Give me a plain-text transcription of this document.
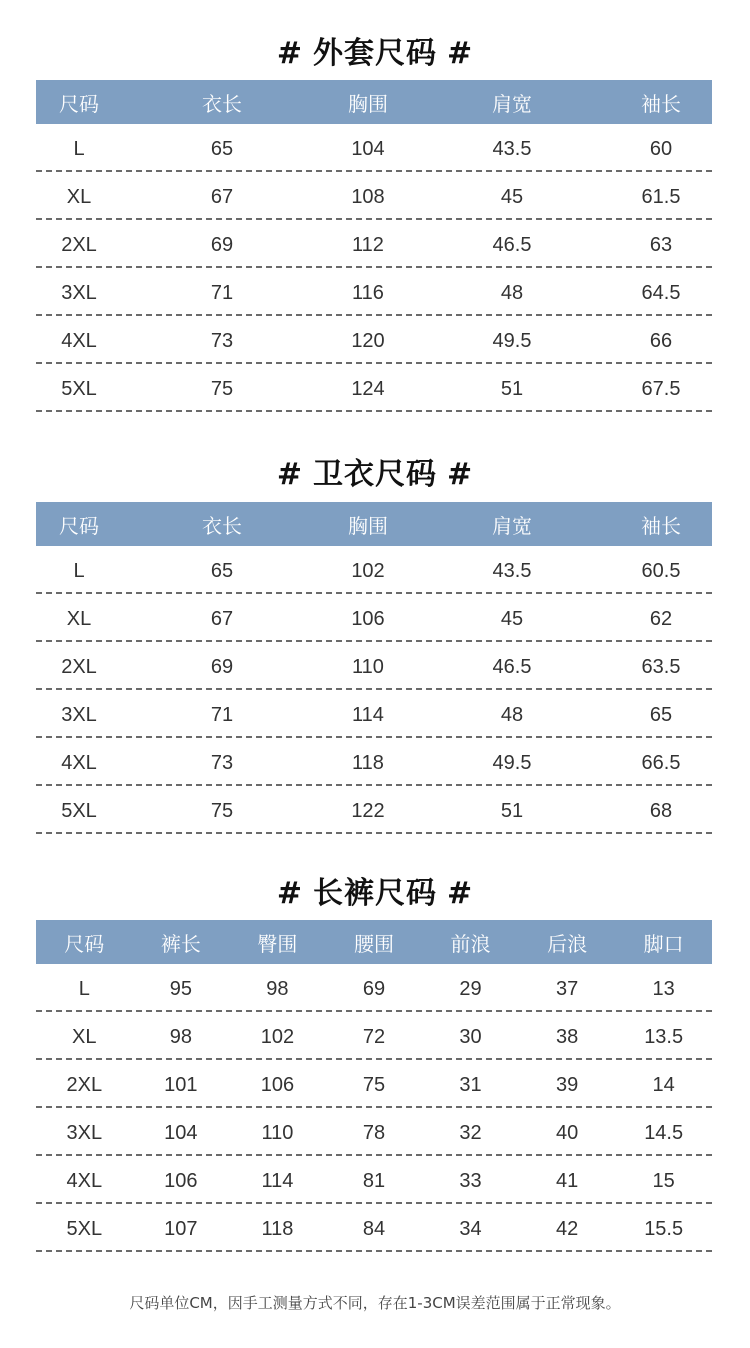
# 外套尺码 #
尺码	衣长	胸围	肩宽	袖长
L	65	104	43.5	60
XL	67	108	45	61.5
2XL	69	112	46.5	63
3XL	71	116	48	64.5
4XL	73	120	49.5	66
5XL	75	124	51	67.5
# 卫衣尺码 #
尺码	衣长	胸围	肩宽	袖长
L	65	102	43.5	60.5
XL	67	106	45	62
2XL	69	110	46.5	63.5
3XL	71	114	48	65
4XL	73	118	49.5	66.5
5XL	75	122	51	68
# 长裤尺码 #
尺码	裤长	臀围	腰围	前浪	后浪	脚口
L	95	98	69	29	37	13
XL	98	102	72	30	38	13.5
2XL	101	106	75	31	39	14
3XL	104	110	78	32	40	14.5
4XL	106	114	81	33	41	15
5XL	107	118	84	34	42	15.5
尺码单位CM，因手工测量方式不同，存在1-3CM误差范围属于正常现象。
